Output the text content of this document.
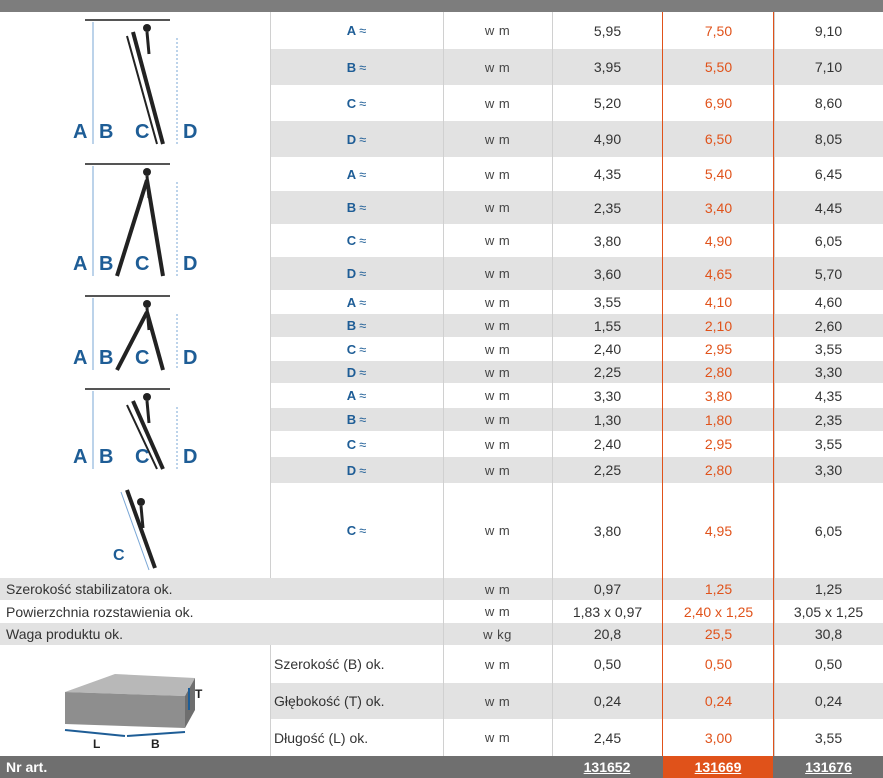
A ≈	w m	5,95	7,50	9,10
B ≈	w m	3,95	5,50	7,10
C ≈	w m	5,20	6,90	8,60
D ≈	w m	4,90	6,50	8,05
A ≈	w m	4,35	5,40	6,45
B ≈	w m	2,35	3,40	4,45
C ≈	w m	3,80	4,90	6,05
D ≈	w m	3,60	4,65	5,70
A ≈	w m	3,55	4,10	4,60
B ≈	w m	1,55	2,10	2,60
C ≈	w m	2,40	2,95	3,55
D ≈	w m	2,25	2,80	3,30
A ≈	w m	3,30	3,80	4,35
B ≈	w m	1,30	1,80	2,35
C ≈	w m	2,40	2,95	3,55
D ≈	w m	2,25	2,80	3,30
C ≈	w m	3,80	4,95	6,05
Szerokość stabilizatora ok.	w m	0,97	1,25	1,25
Powierzchnia rozstawienia ok.	w m	1,83 x 0,97	2,40 x 1,25	3,05 x 1,25
Waga produktu ok.	w kg	20,8	25,5	30,8
Szerokość (B) ok.	w m	0,50	0,50	0,50
Głębokość (T) ok.	w m	0,24	0,24	0,24
Długość (L) ok.	w m	2,45	3,00	3,55
A B C D
A B C D
A B C D
A B C D
C
T
L	B
Nr art.	131652	131669	131676
